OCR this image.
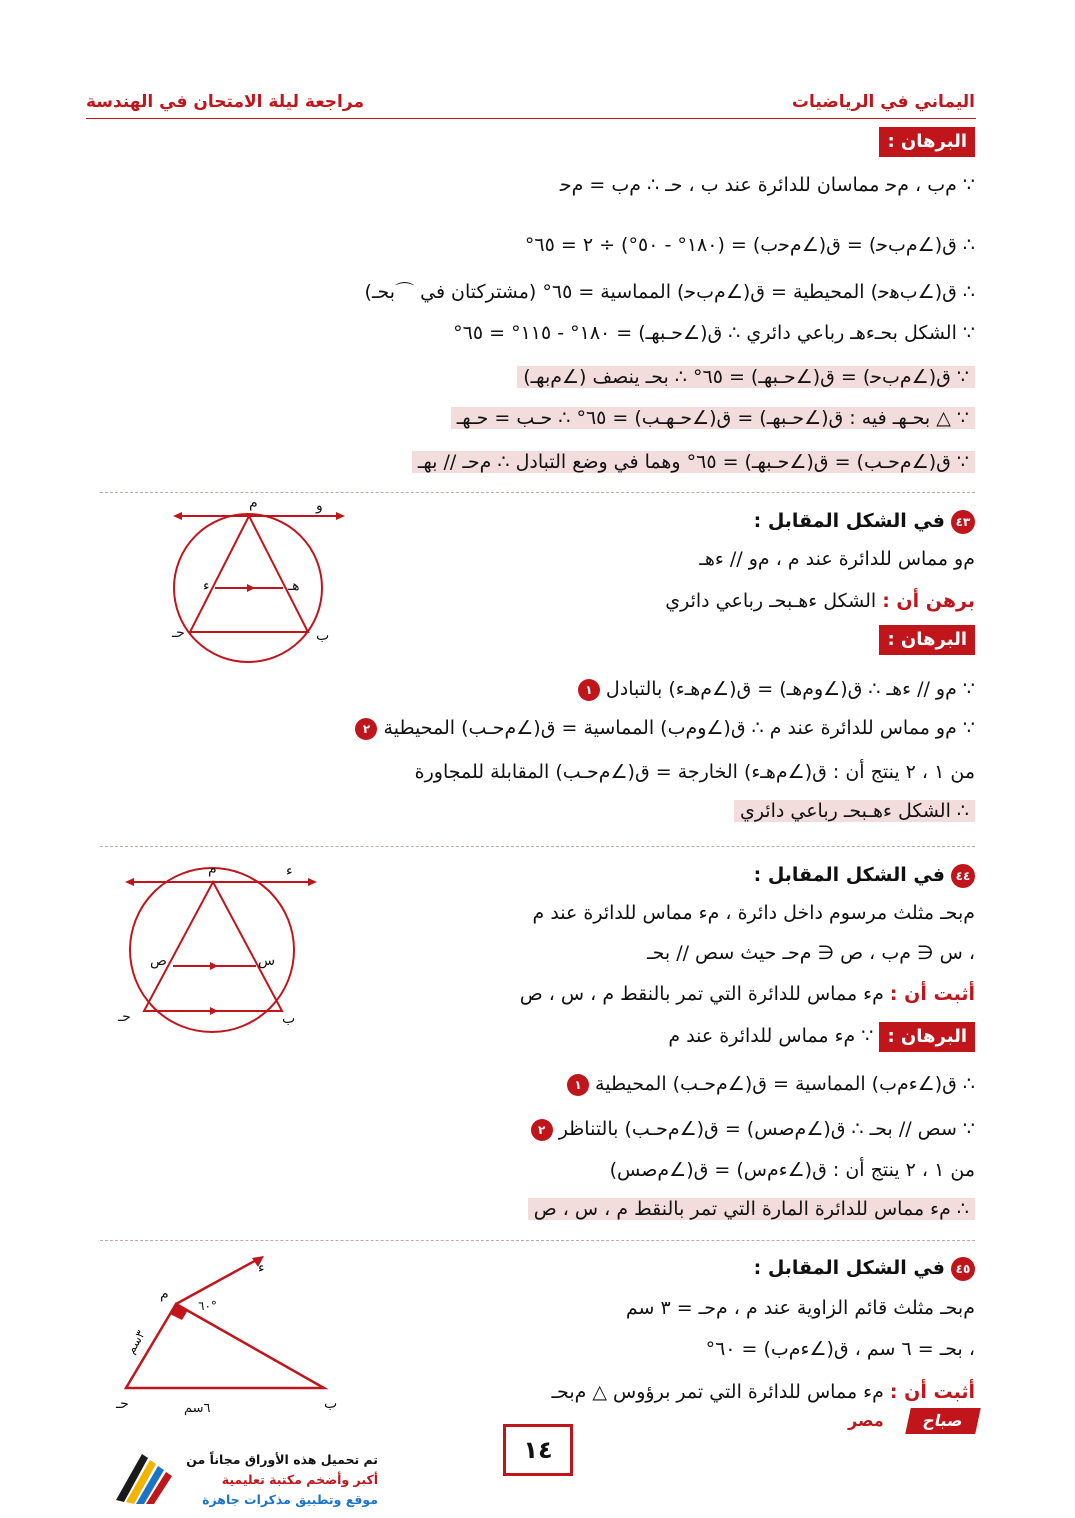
اليماني في الرياضيات
مراجعة ليلة الامتحان في الهندسة
البرهان :
∵ ‎ﻡﺏ ، ﻡﺣ مماسان للدائرة عند ب ، حـ ∴ ﻡﺏ = ﻡﺣ
∴ ق(∠ﻡﺏﺣ) = ق(∠ﻡﺣﺏ) = (١٨٠° - ٥٠°) ÷ ٢ = ٦٥°
∴ ق(∠ﺏﻫﺣ) المحيطية = ق(∠ﻡﺏﺣ) المماسية = ٦٥° (مشتركتان في ⌒بحـ)
∵ الشكل بحـءهـ رباعي دائري ∴ ق(∠حـبهـ) = ١٨٠° - ١١٥° = ٦٥°
∵ ق(∠ﻡﺏﺣ) = ق(∠حـبهـ) = ٦٥° ∴ بحـ ينصف (∠ﻡبهـ)
∵ △ بحـهـ فيه : ق(∠حـبهـ) = ق(∠حـهـب) = ٦٥° ∴ حـب = حـهـ
∵ ق(∠ﻡحـب) = ق(∠حـبهـ) = ٦٥° وهما في وضع التبادل ∴ ﻡحـ // بهـ
٤٣في الشكل المقابل :
ﻡو مماس للدائرة عند ﻡ ، ﻡو // ءهـ
برهن أن : الشكل ءهـبحـ رباعي دائري
البرهان :
∵ ﻡو // ءهـ ∴ ق(∠وﻡهـ) = ق(∠ﻡهـء) بالتبادل ١
∵ ﻡو مماس للدائرة عند ﻡ ∴ ق(∠وﻡب) المماسية = ق(∠ﻡحـب) المحيطية ٢
من ١ ، ٢ ينتج أن : ق(∠ﻡهـء) الخارجة = ق(∠ﻡحـب) المقابلة للمجاورة
∴ الشكل ءهـبحـ رباعي دائري
ﻡ	و
ء	هـ
ب
حـ
٤٤في الشكل المقابل :
ﻡبحـ مثلث مرسوم داخل دائرة ، ﻡء مماس للدائرة عند ﻡ
، س ∈ ﻡب ، ص ∈ ﻡحـ حيث سص // بحـ
أثبت أن : ﻡء مماس للدائرة التي تمر بالنقط ﻡ ، س ، ص
البرهان : ∵ ﻡء مماس للدائرة عند ﻡ
∴ ق(∠ءﻡب) المماسية = ق(∠ﻡحـب) المحيطية ١
∵ سص // بحـ ∴ ق(∠ﻡصس) = ق(∠ﻡحـب) بالتناظر ٢
من ١ ، ٢ ينتج أن : ق(∠ءﻡس) = ق(∠ﻡصس)
∴ ﻡء مماس للدائرة المارة التي تمر بالنقط ﻡ ، س ، ص
ﻡ	ء
س
ص
ب
حـ
٤٥في الشكل المقابل :
ﻡبحـ مثلث قائم الزاوية عند ﻡ ، ﻡحـ = ٣ سم
، بحـ = ٦ سم ، ق(∠ءﻡب) = ٦٠°
أثبت أن : ﻡء مماس للدائرة التي تمر برؤوس △ ﻡبحـ
ﻡ
ء
٦٠°
ب
حـ
٣سم
٦سم
صباح
مصر
١٤
تم تحميل هذه الأوراق مجاناً من
أكبر وأضخم مكتبة تعليمية
موقع وتطبيق مذكرات جاهزة
